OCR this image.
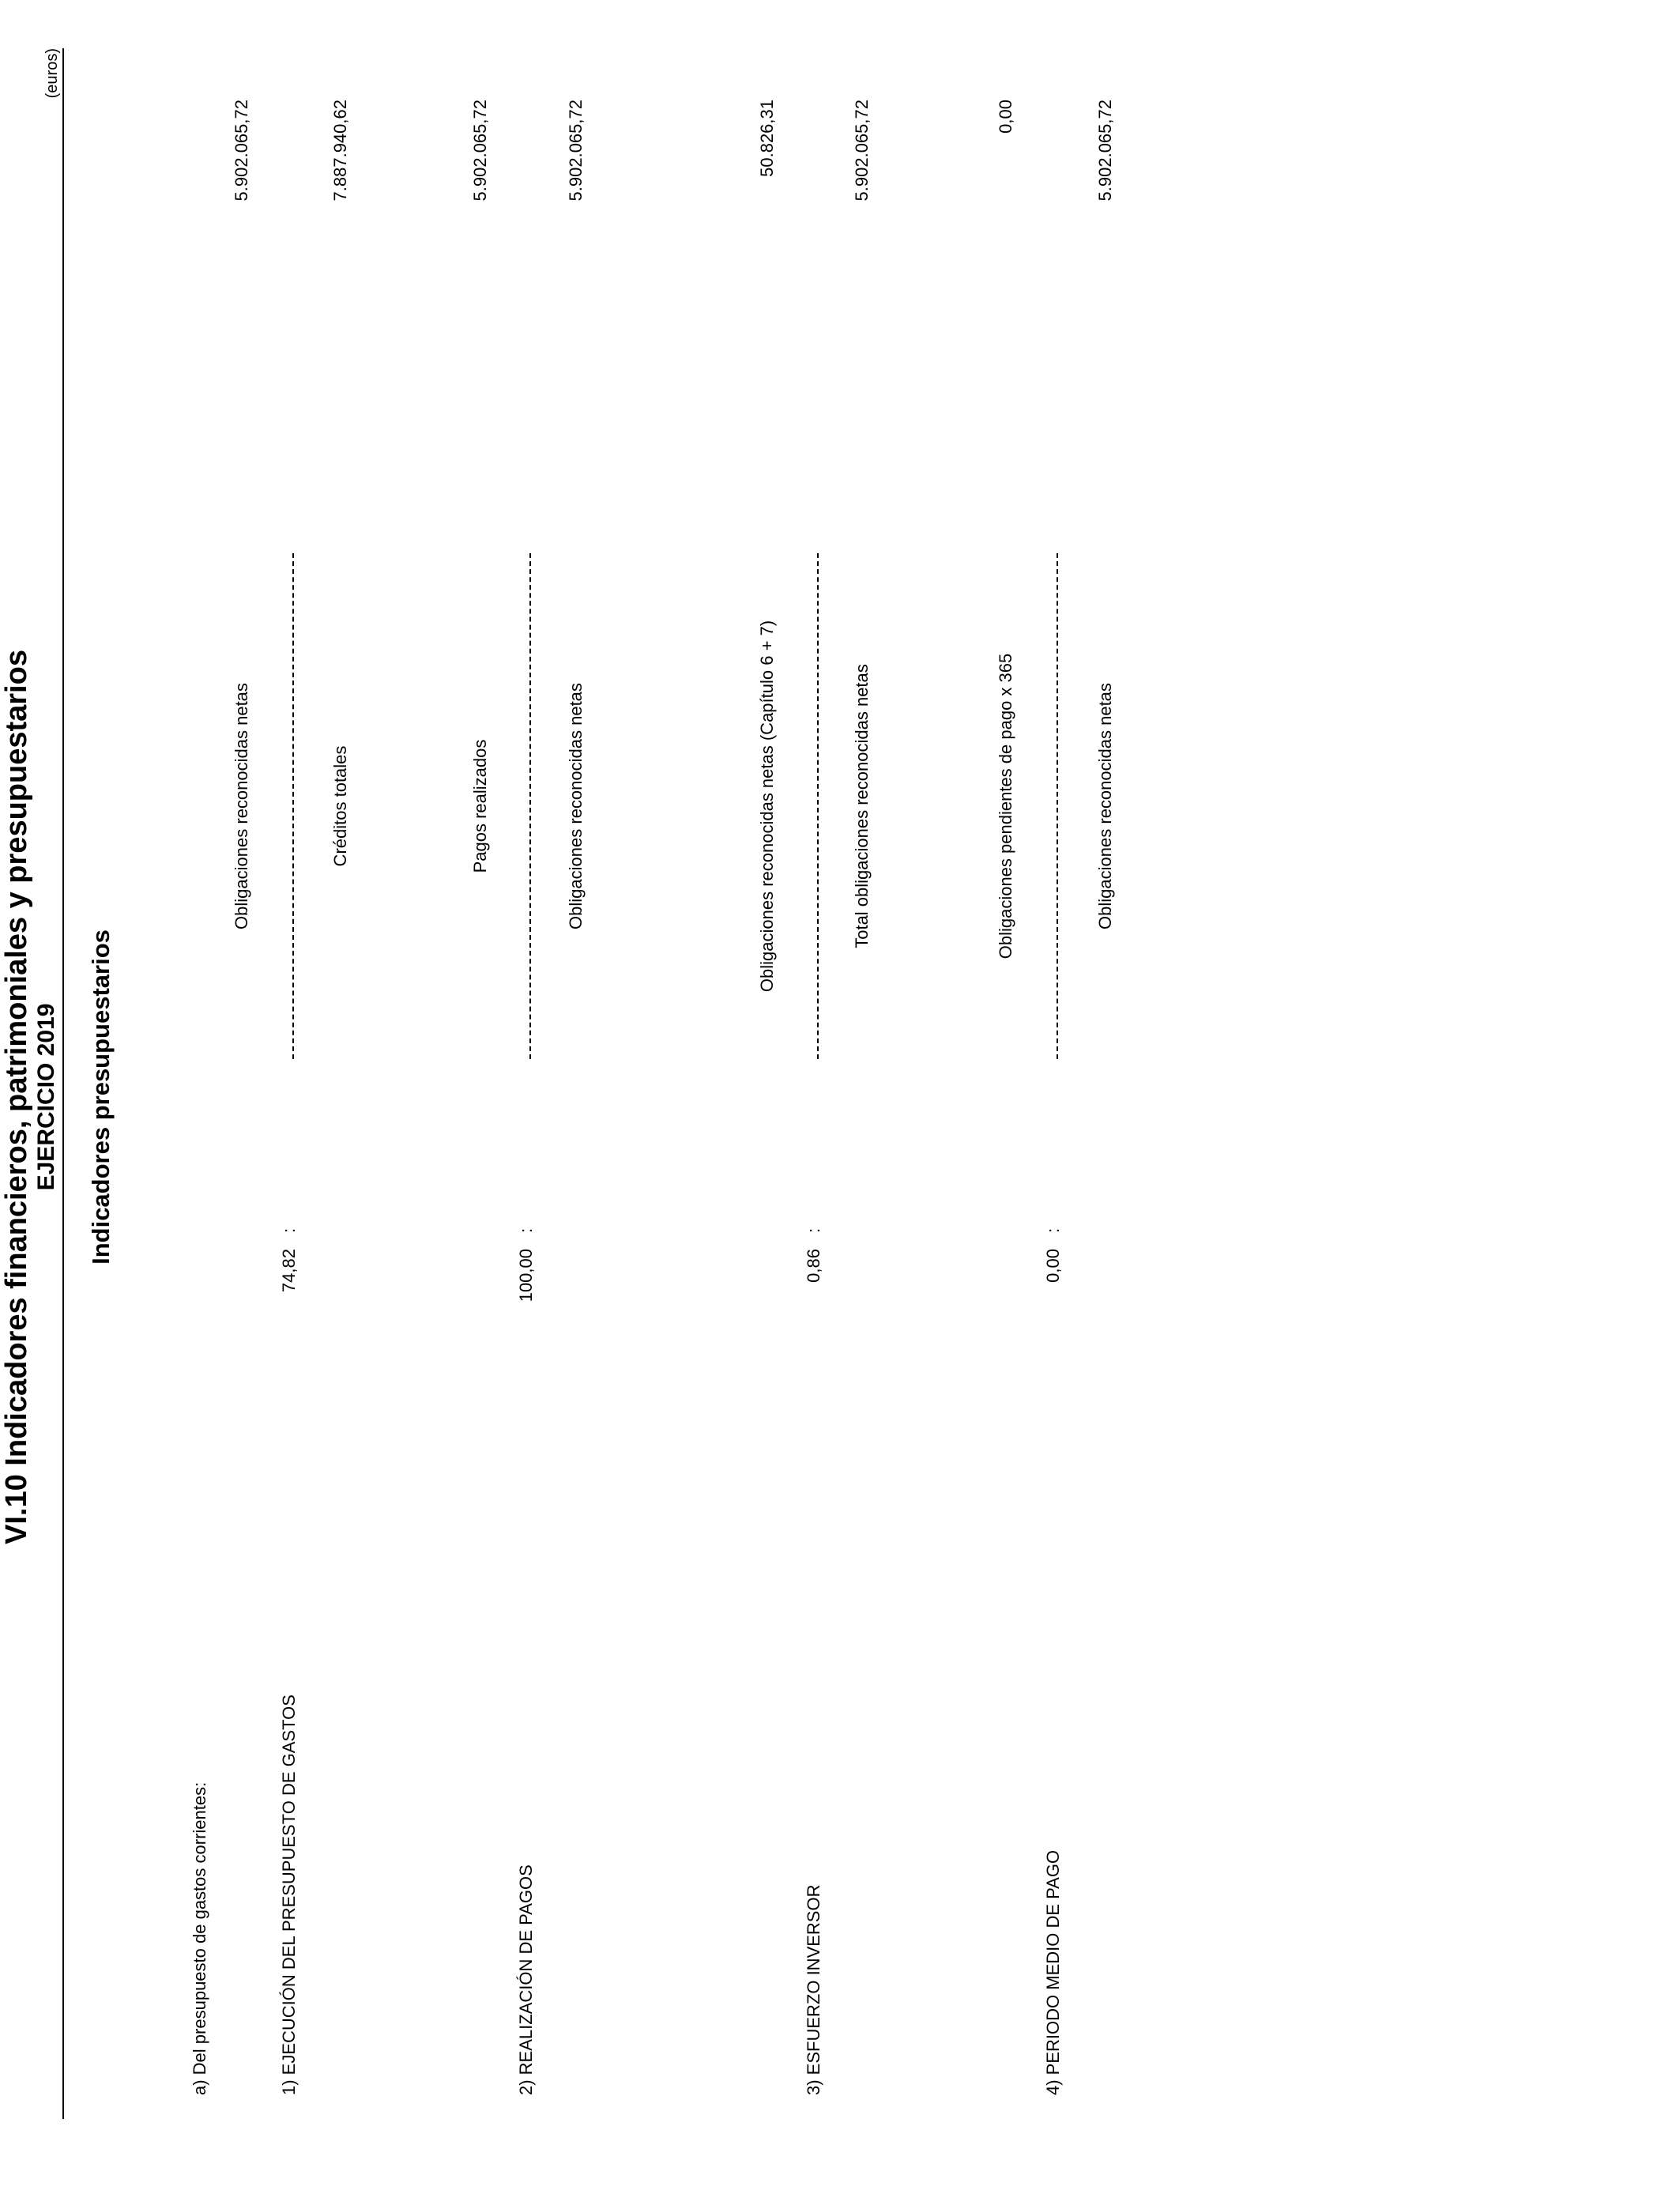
VI.10 Indicadores financieros, patrimoniales y presupuestarios EJERCICIO 2019
(euros)
Indicadores presupuestarios
a) Del presupuesto de gastos corrientes:	1) EJECUCIÓN DEL PRESUPUESTO DE GASTOS
74,82
:
Obligaciones reconocidas netas
5.902.065,72
Créditos totales
7.887.940,62
2) REALIZACIÓN DE PAGOS
100,00
:
Pagos realizados
5.902.065,72
Obligaciones reconocidas netas
5.902.065,72
3) ESFUERZO INVERSOR
0,86
:
Obligaciones reconocidas netas (Capítulo 6 + 7)
50.826,31
Total obligaciones reconocidas netas
5.902.065,72
4) PERIODO MEDIO DE PAGO
0,00
:
Obligaciones pendientes de pago x 365
0,00
Obligaciones reconocidas netas
5.902.065,72
